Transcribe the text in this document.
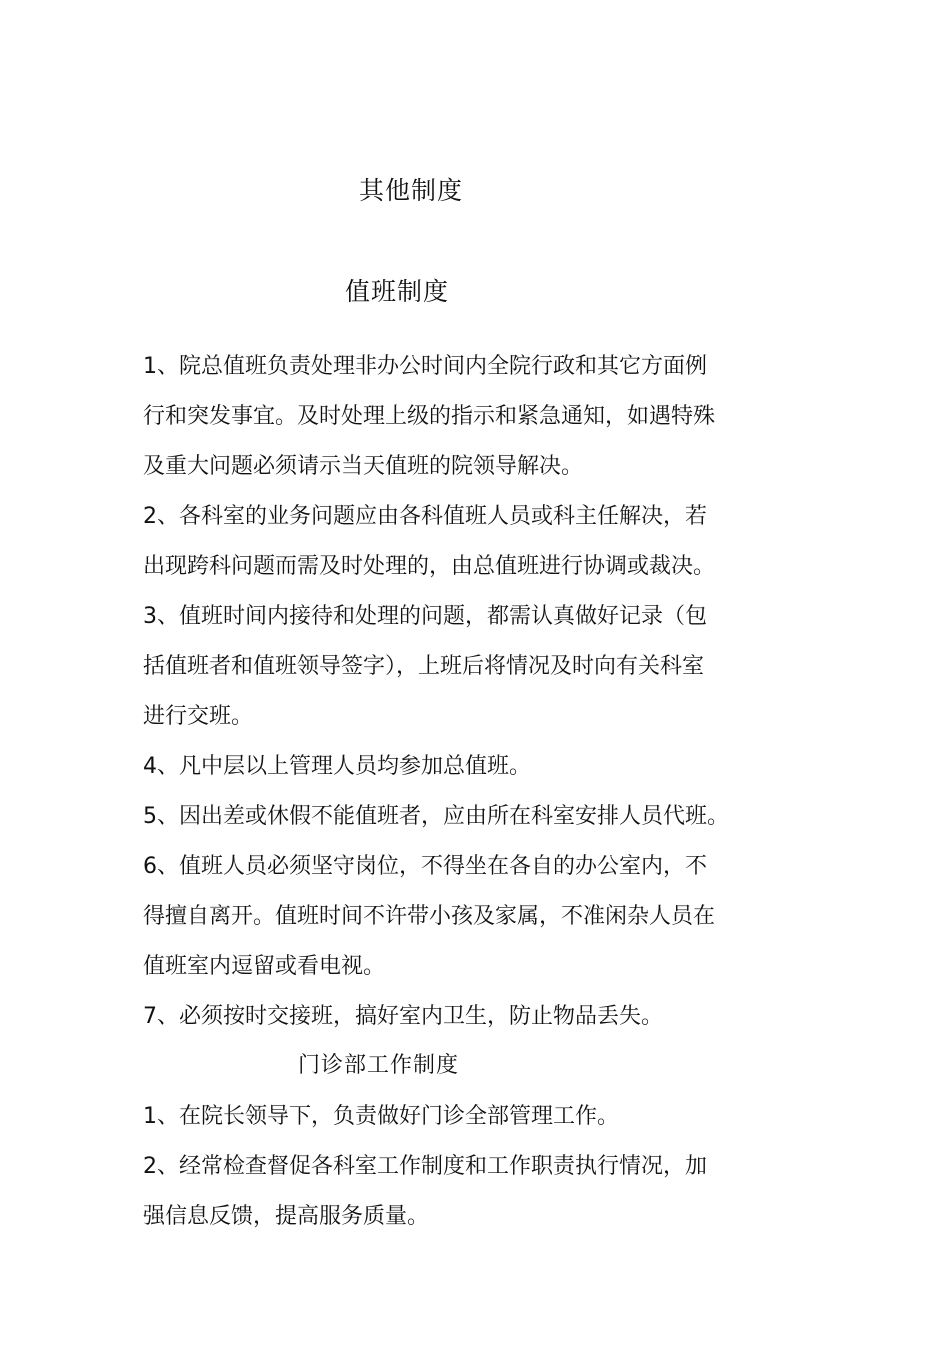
其他制度
值班制度
1、院总值班负责处理非办公时间内全院行政和其它方面例
行和突发事宜。及时处理上级的指示和紧急通知，如遇特殊
及重大问题必须请示当天值班的院领导解决。
2、各科室的业务问题应由各科值班人员或科主任解决，若
出现跨科问题而需及时处理的，由总值班进行协调或裁决。
3、值班时间内接待和处理的问题，都需认真做好记录（包
括值班者和值班领导签字），上班后将情况及时向有关科室
进行交班。
4、凡中层以上管理人员均参加总值班。
5、因出差或休假不能值班者，应由所在科室安排人员代班。
6、值班人员必须坚守岗位，不得坐在各自的办公室内，不
得擅自离开。值班时间不许带小孩及家属，不准闲杂人员在
值班室内逗留或看电视。
7、必须按时交接班，搞好室内卫生，防止物品丢失。
门诊部工作制度
1、在院长领导下，负责做好门诊全部管理工作。
2、经常检查督促各科室工作制度和工作职责执行情况，加
强信息反馈，提高服务质量。
